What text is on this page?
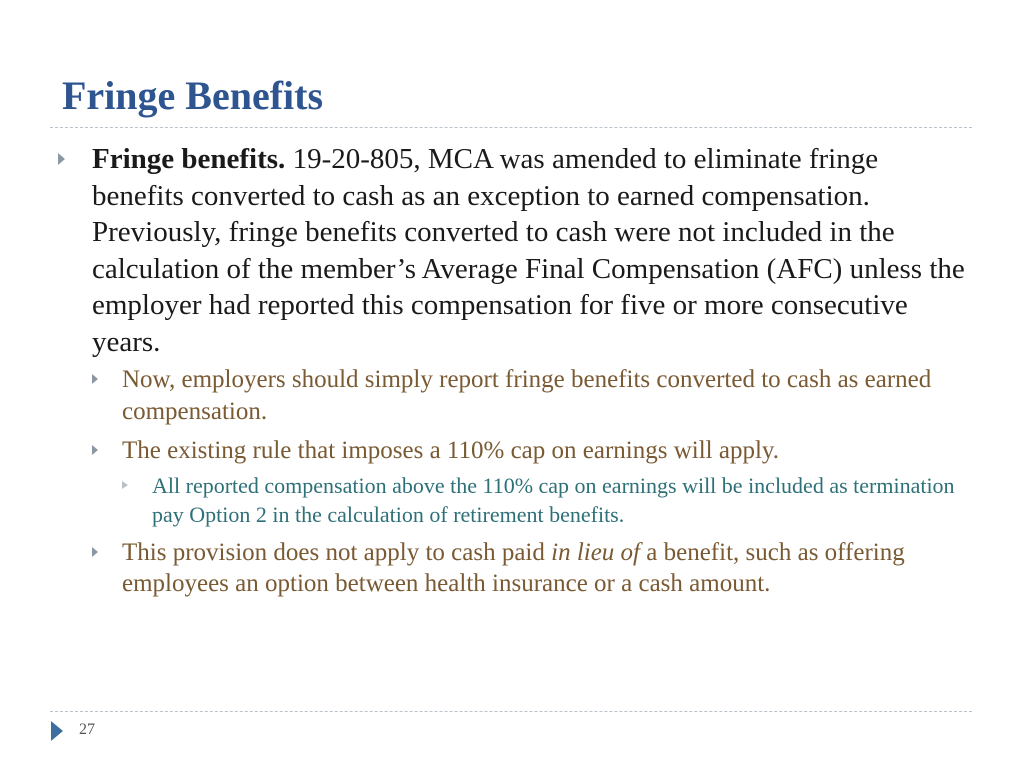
Fringe Benefits
Fringe benefits. 19-20-805, MCA was amended to eliminate fringe benefits converted to cash as an exception to earned compensation. Previously, fringe benefits converted to cash were not included in the calculation of the member’s Average Final Compensation (AFC) unless the employer had reported this compensation for five or more consecutive years.
Now, employers should simply report fringe benefits converted to cash as earned compensation.
The existing rule that imposes a 110% cap on earnings will apply.
All reported compensation above the 110% cap on earnings will be included as termination pay Option 2 in the calculation of retirement benefits.
This provision does not apply to cash paid in lieu of a benefit, such as offering employees an option between health insurance or a cash amount.
27
